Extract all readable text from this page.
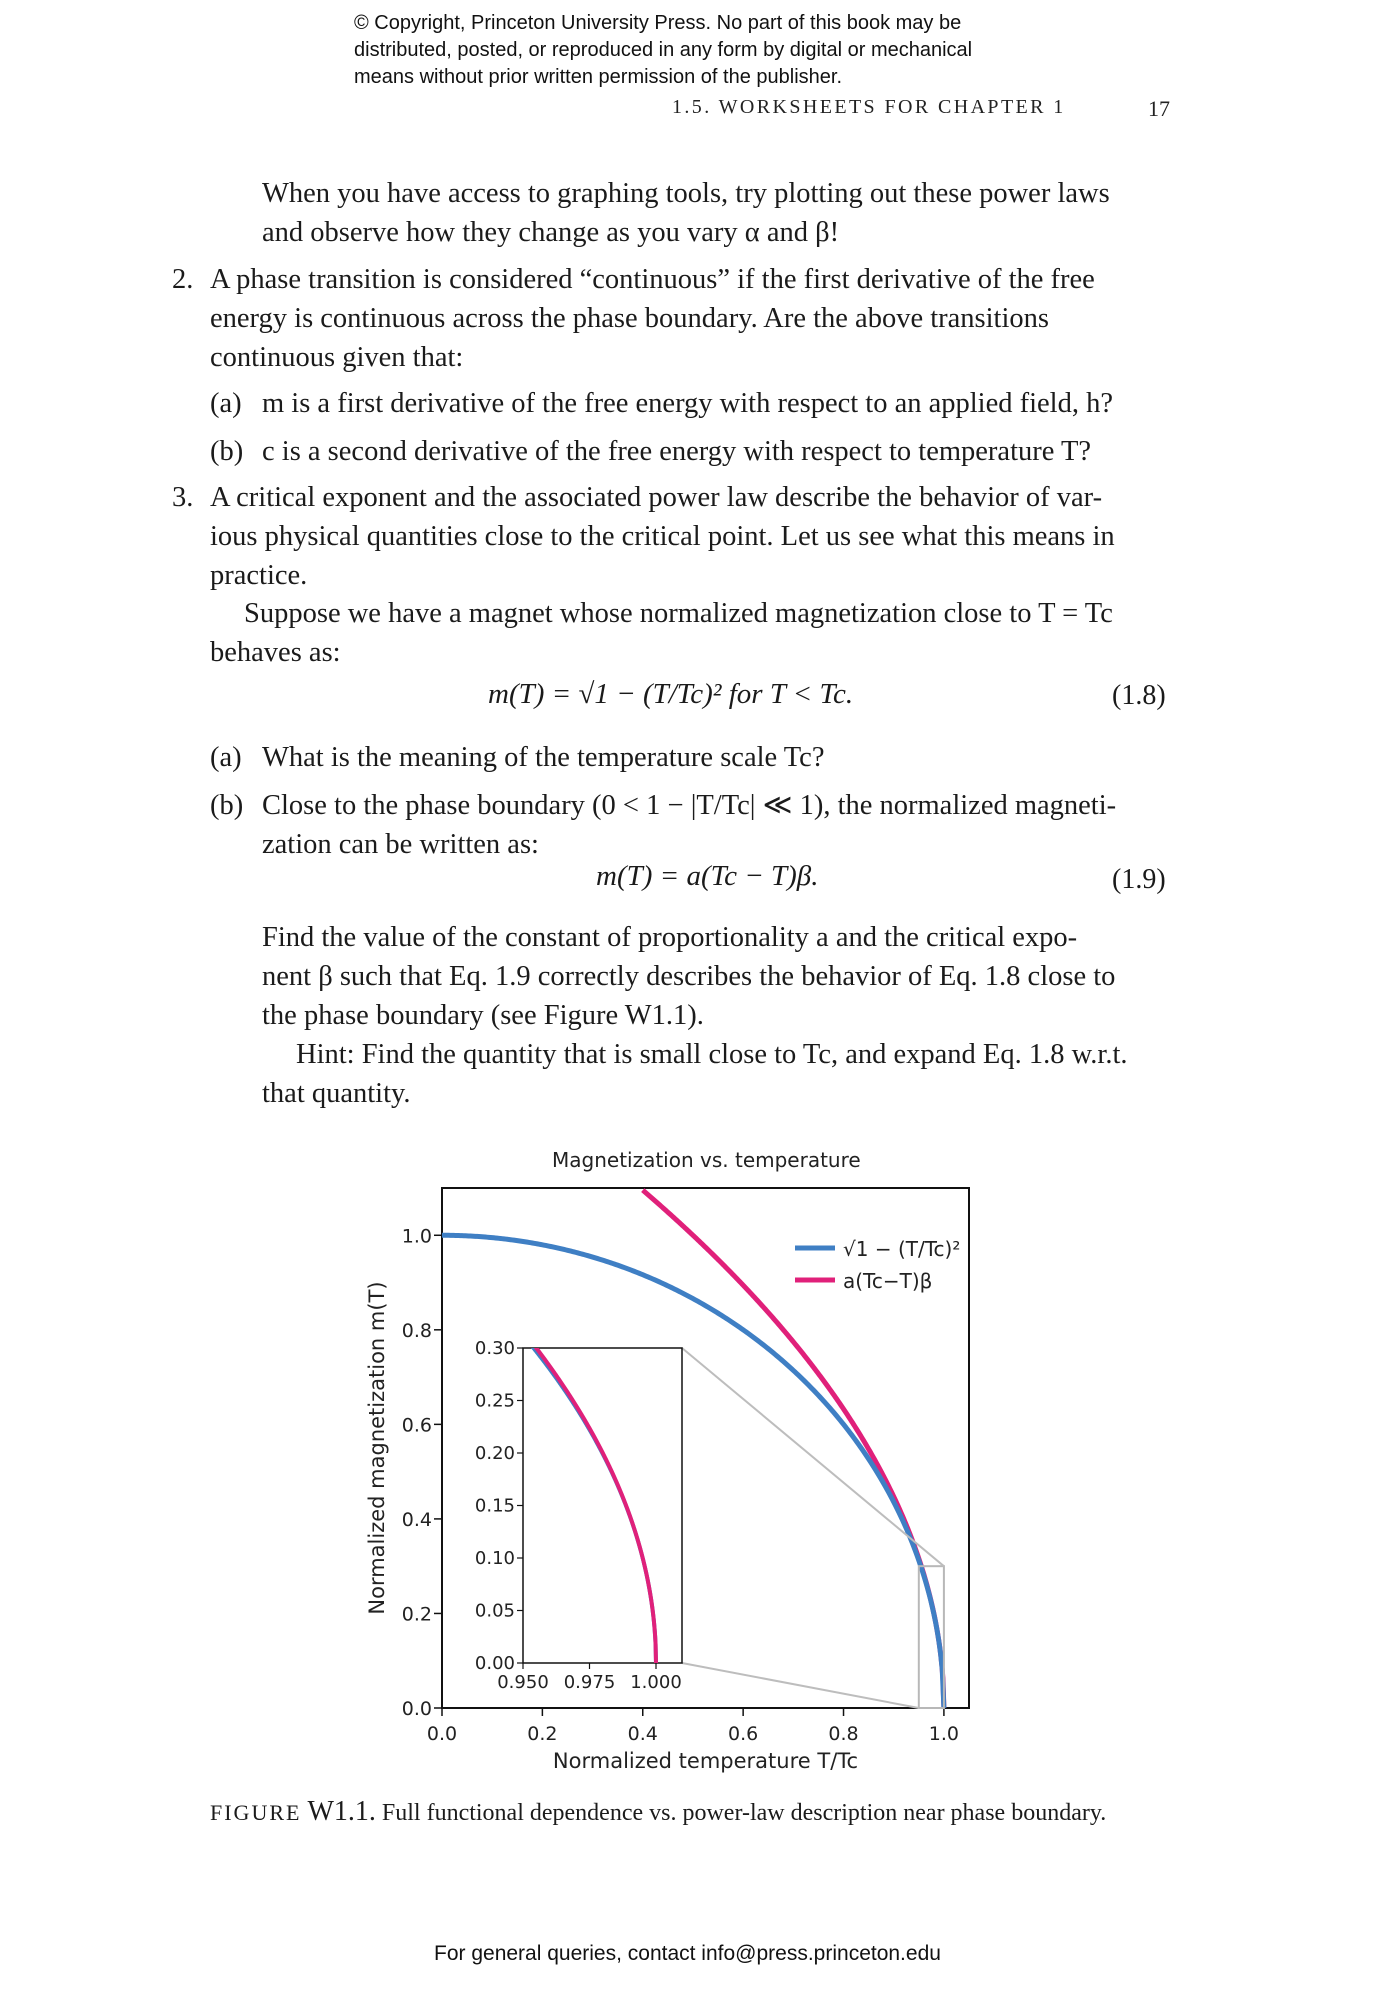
© Copyright, Princeton University Press. No part of this book may be
distributed, posted, or reproduced in any form by digital or mechanical
means without prior written permission of the publisher.
1.5. WORKSHEETS FOR CHAPTER 1	17
When you have access to graphing tools, try plotting out these power laws
and observe how they change as you vary α and β!
2. A phase transition is considered “continuous” if the first derivative of the free
energy is continuous across the phase boundary. Are the above transitions
continuous given that:
(a) m is a first derivative of the free energy with respect to an applied field, h?
(b) c is a second derivative of the free energy with respect to temperature T?
3. A critical exponent and the associated power law describe the behavior of var-
ious physical quantities close to the critical point. Let us see what this means in
practice.
Suppose we have a magnet whose normalized magnetization close to T = Tc
behaves as:
m(T) = √1 − (T/Tc)² for T < Tc.	(1.8)
(a) What is the meaning of the temperature scale Tc?
(b) Close to the phase boundary (0 < 1 − |T/Tc| ≪ 1), the normalized magneti-
zation can be written as:
m(T) = a(Tc − T)β.	(1.9)
Find the value of the constant of proportionality a and the critical expo-
nent β such that Eq. 1.9 correctly describes the behavior of Eq. 1.8 close to
the phase boundary (see Figure W1.1).
Hint: Find the quantity that is small close to Tc, and expand Eq. 1.8 w.r.t.
that quantity.
Magnetization vs. temperature
0.0
0.2
0.4
0.6
0.8
1.0
0.0	0.2	0.4	0.6	0.8	1.0
Normalized temperature T/Tc
Normalized magnetization m(T)
0.00
0.05
0.10
0.15
0.20
0.25
0.30
0.950 0.975 1.000
√1 − (T/Tc)²
a(Tc−T)β
FIGURE W1.1. Full functional dependence vs. power-law description near phase boundary.
For general queries, contact info@press.princeton.edu
